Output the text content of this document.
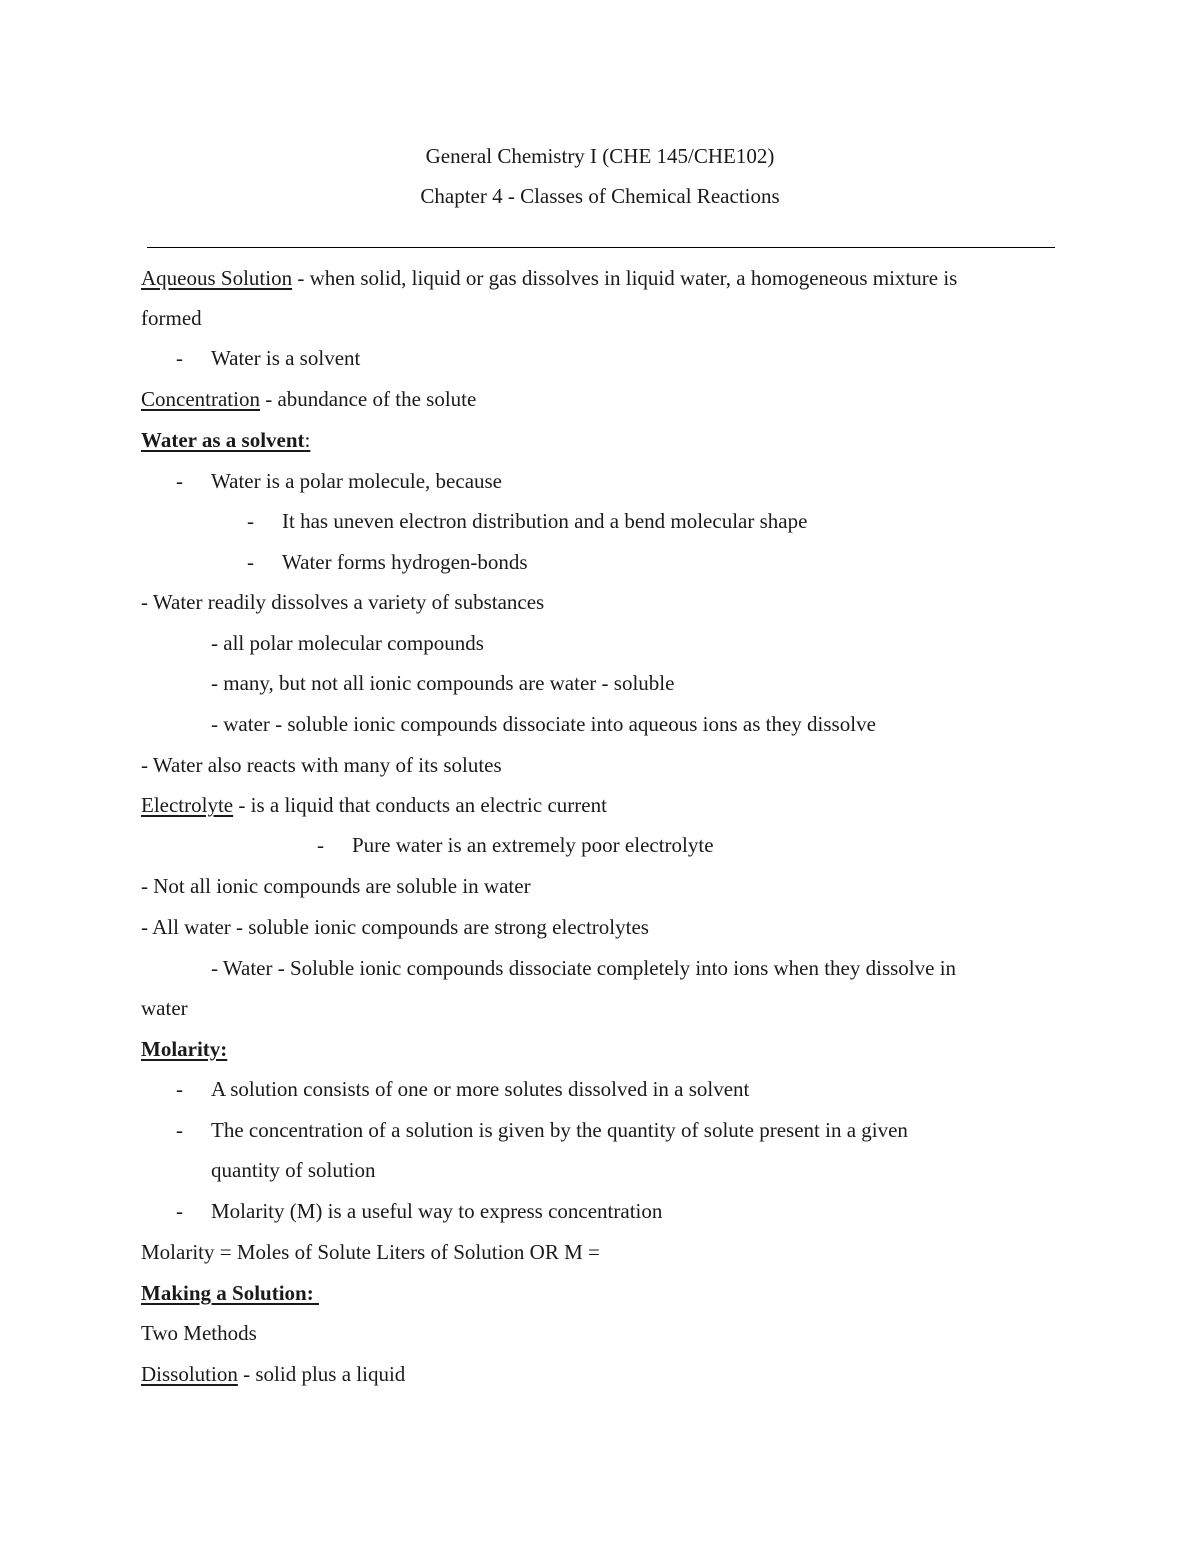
General Chemistry I (CHE 145/CHE102)
Chapter 4 - Classes of Chemical Reactions
Aqueous Solution - when solid, liquid or gas dissolves in liquid water, a homogeneous mixture is
formed
- Water is a solvent
Concentration - abundance of the solute
Water as a solvent:
- Water is a polar molecule, because
- It has uneven electron distribution and a bend molecular shape
- Water forms hydrogen-bonds
- Water readily dissolves a variety of substances
- all polar molecular compounds
- many, but not all ionic compounds are water - soluble
- water - soluble ionic compounds dissociate into aqueous ions as they dissolve
- Water also reacts with many of its solutes
Electrolyte - is a liquid that conducts an electric current
- Pure water is an extremely poor electrolyte
- Not all ionic compounds are soluble in water
- All water - soluble ionic compounds are strong electrolytes
- Water - Soluble ionic compounds dissociate completely into ions when they dissolve in
water
Molarity:
- A solution consists of one or more solutes dissolved in a solvent
- The concentration of a solution is given by the quantity of solute present in a given
quantity of solution
- Molarity (M) is a useful way to express concentration
Molarity = Moles of Solute Liters of Solution OR M =
Making a Solution:
Two Methods
Dissolution - solid plus a liquid
